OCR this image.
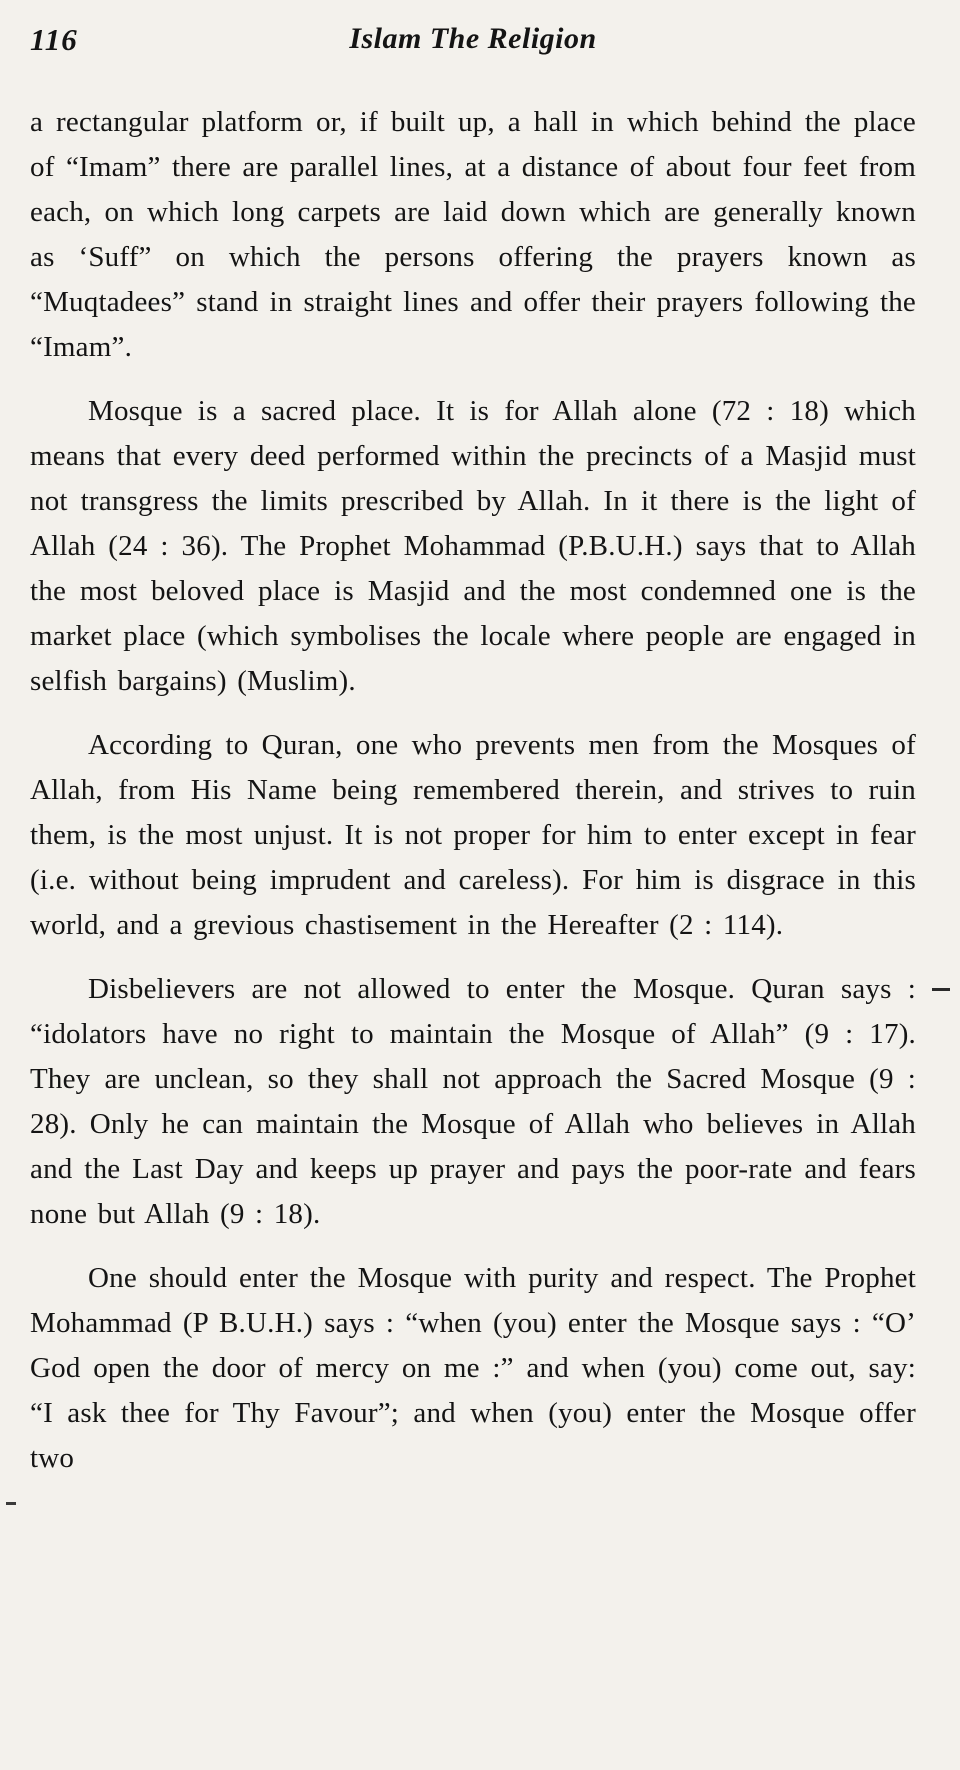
116	Islam The Religion

a rectangular platform or, if built up, a hall in which behind the place of “Imam” there are parallel lines, at a distance of about four feet from each, on which long carpets are laid down which are generally known as ‘Suff” on which the persons offering the prayers known as “Muqtadees” stand in straight lines and offer their prayers following the “Imam”.

Mosque is a sacred place. It is for Allah alone (72 : 18) which means that every deed performed within the precincts of a Masjid must not transgress the limits prescribed by Allah. In it there is the light of Allah (24 : 36). The Prophet Mohammad (P.B.U.H.) says that to Allah the most beloved place is Masjid and the most condemned one is the market place (which symbolises the locale where people are engaged in selfish bargains) (Muslim).

According to Quran, one who prevents men from the Mosques of Allah, from His Name being remembered therein, and strives to ruin them, is the most unjust. It is not proper for him to enter except in fear (i.e. without being imprudent and careless). For him is disgrace in this world, and a grevious chastisement in the Hereafter (2 : 114).

Disbelievers are not allowed to enter the Mosque. Quran says : “idolators have no right to maintain the Mosque of Allah” (9 : 17). They are unclean, so they shall not approach the Sacred Mosque (9 : 28). Only he can maintain the Mosque of Allah who believes in Allah and the Last Day and keeps up prayer and pays the poor-rate and fears none but Allah (9 : 18).

One should enter the Mosque with purity and respect. The Prophet Mohammad (P B.U.H.) says : “when (you) enter the Mosque says : “O’ God open the door of mercy on me :” and when (you) come out, say: “I ask thee for Thy Favour”; and when (you) enter the Mosque offer two
